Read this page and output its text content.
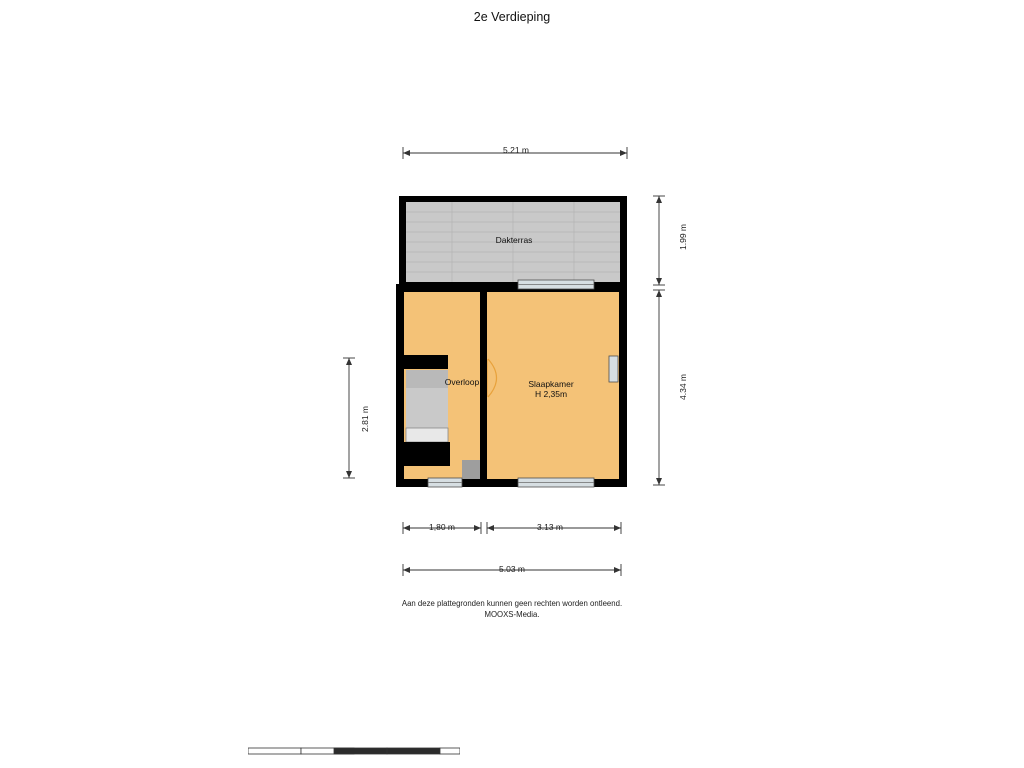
2e Verdieping
5.21 m
1.99 m
4.34 m
2.81 m
1,80 m	3.13 m
5.03 m
Dakterras
Overloop	Slaapkamer
H 2,35m
Aan deze plattegronden kunnen geen rechten worden ontleend.
MOOXS-Media.
